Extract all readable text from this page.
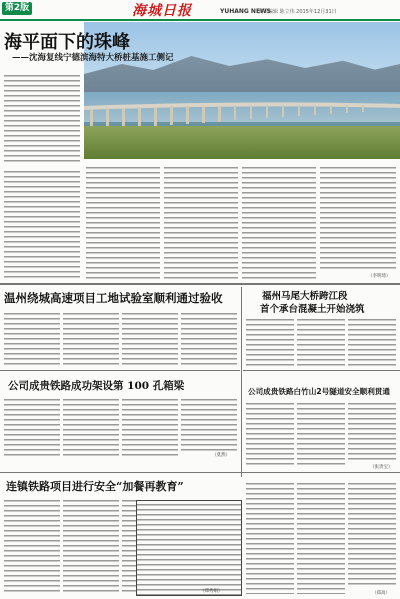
第2版	海城日报	YUHANG NEWS
责任编辑 陈立伟 2015年12月31日
海平面下的珠峰
——沈海复线宁德滨海特大桥桩基施工侧记
（李明琦）
温州绕城高速项目工地试验室顺利通过验收	福州马尾大桥跨江段
首个承台混凝土开始浇筑
公司成贵铁路成功架设第 100 孔箱梁
（莫然）
公司成贵铁路白竹山2号隧道安全顺利贯通
（张贵宝）
连镇铁路项目进行安全“加餐再教育”
（郑秀娟）	（郑高）
